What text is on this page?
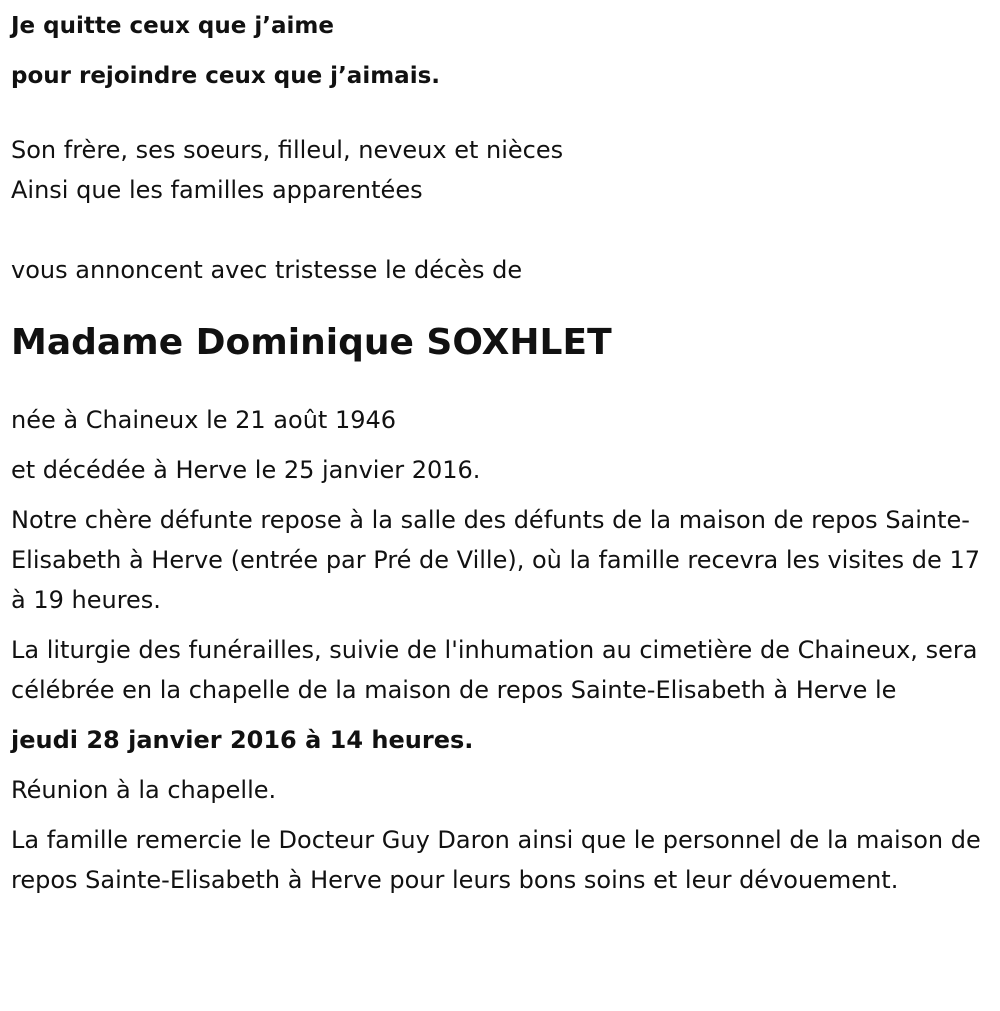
Je quitte ceux que j’aime

pour rejoindre ceux que j’aimais.

Son frère, ses soeurs, filleul, neveux et nièces

Ainsi que les familles apparentées

vous annoncent avec tristesse le décès de

Madame Dominique SOXHLET

née à Chaineux le 21 août 1946

et décédée à Herve le 25 janvier 2016.

Notre chère défunte repose à la salle des défunts de la maison de repos Sainte-Elisabeth à Herve (entrée par Pré de Ville), où la famille recevra les visites de 17 à 19 heures.

La liturgie des funérailles, suivie de l'inhumation au cimetière de Chaineux, sera célébrée en la chapelle de la maison de repos Sainte-Elisabeth à Herve le

jeudi 28 janvier 2016 à 14 heures.

Réunion à la chapelle.

La famille remercie le Docteur Guy Daron ainsi que le personnel de la maison de repos Sainte-Elisabeth à Herve pour leurs bons soins et leur dévouement.
